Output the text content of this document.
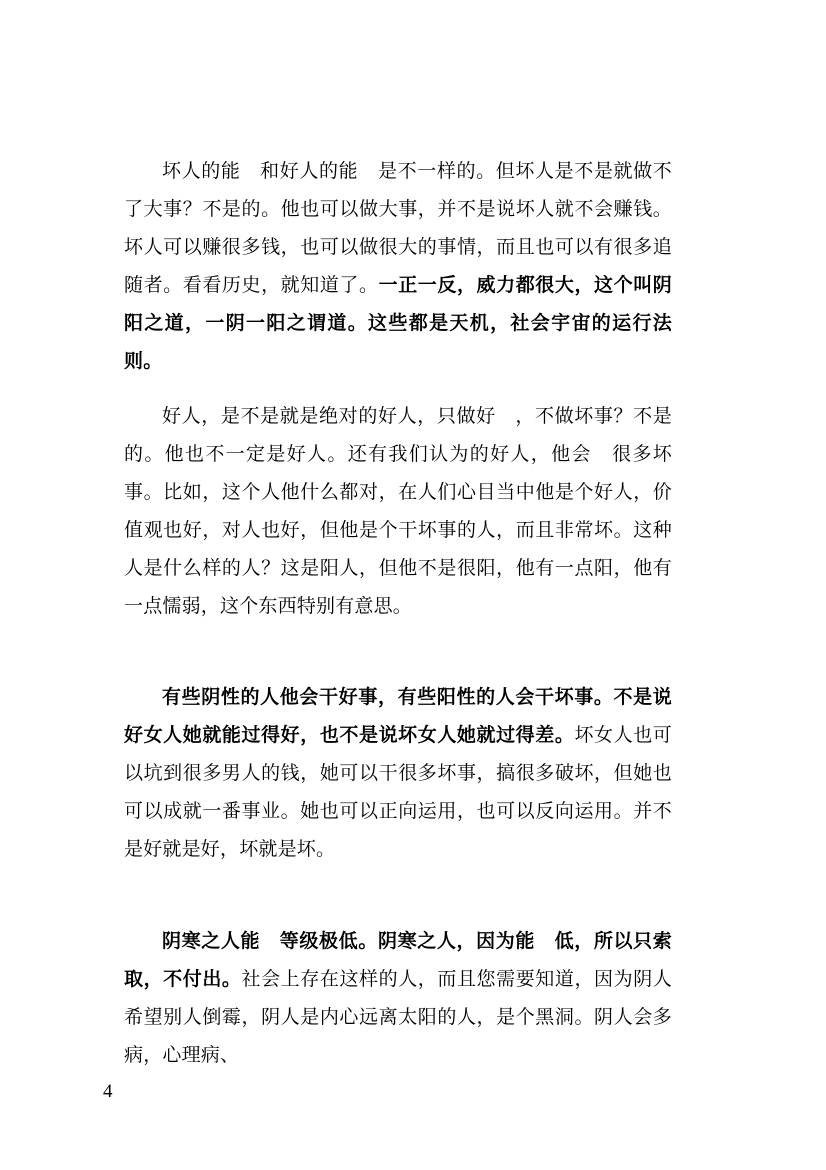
坏人的能　和好人的能　是不一样的。但坏人是不是就做不了大事？不是的。他也可以做大事，并不是说坏人就不会赚钱。坏人可以赚很多钱，也可以做很大的事情，而且也可以有很多追随者。看看历史，就知道了。一正一反，威力都很大，这个叫阴阳之道，一阴一阳之谓道。这些都是天机，社会宇宙的运行法则。

好人，是不是就是绝对的好人，只做好　，不做坏事？不是的。他也不一定是好人。还有我们认为的好人，他会　很多坏事。比如，这个人他什么都对，在人们心目当中他是个好人，价值观也好，对人也好，但他是个干坏事的人，而且非常坏。这种人是什么样的人？这是阳人，但他不是很阳，他有一点阳，他有一点懦弱，这个东西特别有意思。

有些阴性的人他会干好事，有些阳性的人会干坏事。不是说好女人她就能过得好，也不是说坏女人她就过得差。坏女人也可以坑到很多男人的钱，她可以干很多坏事，搞很多破坏，但她也可以成就一番事业。她也可以正向运用，也可以反向运用。并不是好就是好，坏就是坏。

阴寒之人能　等级极低。阴寒之人，因为能　低，所以只索取，不付出。社会上存在这样的人，而且您需要知道，因为阴人希望别人倒霉，阴人是内心远离太阳的人，是个黑洞。阴人会多病，心理病、

4
